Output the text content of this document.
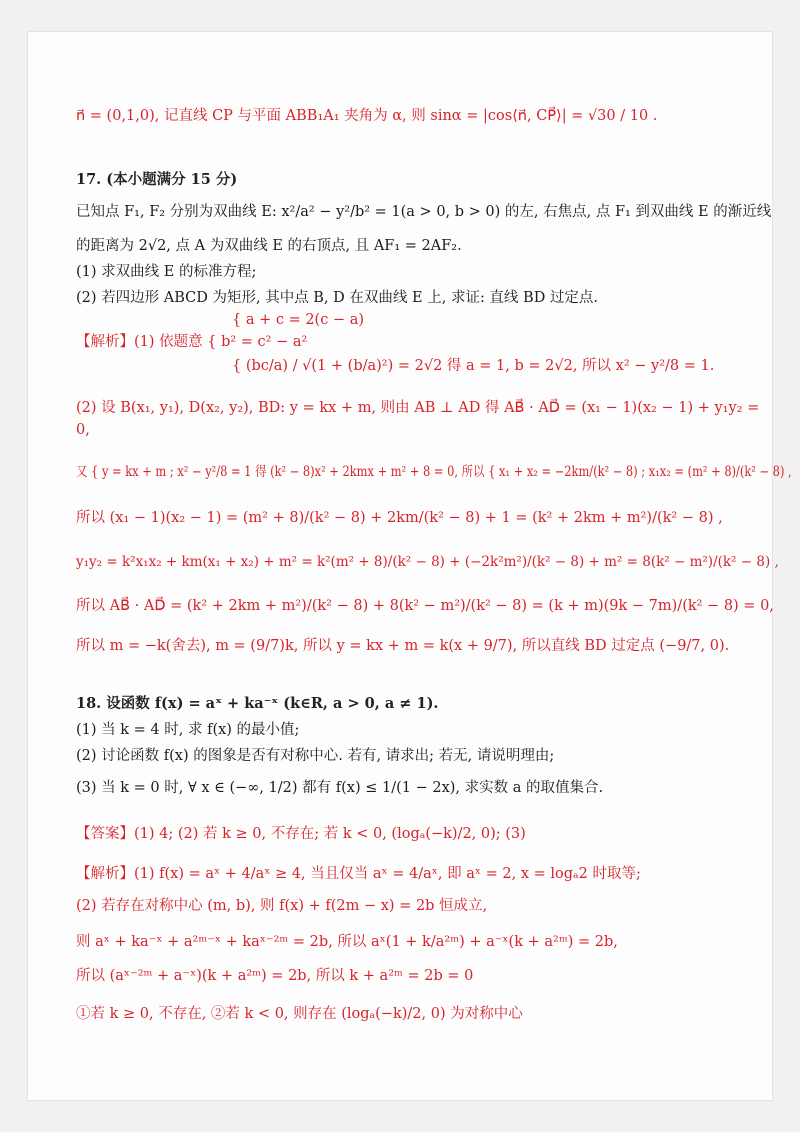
n⃗ = (0,1,0), 记直线 CP 与平面 ABB₁A₁ 夹角为 α, 则 sinα = |cos⟨n⃗, CP⃗⟩| = √30 / 10 .
17. (本小题满分 15 分)
已知点 F₁, F₂ 分别为双曲线 E: x²/a² − y²/b² = 1(a > 0, b > 0) 的左, 右焦点, 点 F₁ 到双曲线 E 的渐近线
的距离为 2√2, 点 A 为双曲线 E 的右顶点, 且 AF₁ = 2AF₂.
(1) 求双曲线 E 的标准方程;
(2) 若四边形 ABCD 为矩形, 其中点 B, D 在双曲线 E 上, 求证: 直线 BD 过定点.
{ a + c = 2(c − a)
【解析】(1) 依题意 { b² = c² − a²
{ (bc/a) / √(1 + (b/a)²) = 2√2 得 a = 1, b = 2√2, 所以 x² − y²/8 = 1.
(2) 设 B(x₁, y₁), D(x₂, y₂), BD: y = kx + m, 则由 AB ⊥ AD 得 AB⃗ · AD⃗ = (x₁ − 1)(x₂ − 1) + y₁y₂ =
0,
又 { y = kx + m ; x² − y²/8 = 1 得 (k² − 8)x² + 2kmx + m² + 8 = 0, 所以 { x₁ + x₂ = −2km/(k² − 8) ; x₁x₂ = (m² + 8)/(k² − 8) ,
所以 (x₁ − 1)(x₂ − 1) = (m² + 8)/(k² − 8) + 2km/(k² − 8) + 1 = (k² + 2km + m²)/(k² − 8) ,
y₁y₂ = k²x₁x₂ + km(x₁ + x₂) + m² = k²(m² + 8)/(k² − 8) + (−2k²m²)/(k² − 8) + m² = 8(k² − m²)/(k² − 8) ,
所以 AB⃗ · AD⃗ = (k² + 2km + m²)/(k² − 8) + 8(k² − m²)/(k² − 8) = (k + m)(9k − 7m)/(k² − 8) = 0,
所以 m = −k(舍去), m = (9/7)k, 所以 y = kx + m = k(x + 9/7), 所以直线 BD 过定点 (−9/7, 0).
18. 设函数 f(x) = aˣ + ka⁻ˣ (k∈R, a > 0, a ≠ 1).
(1) 当 k = 4 时, 求 f(x) 的最小值;
(2) 讨论函数 f(x) 的图象是否有对称中心. 若有, 请求出; 若无, 请说明理由;
(3) 当 k = 0 时, ∀ x ∈ (−∞, 1/2) 都有 f(x) ≤ 1/(1 − 2x), 求实数 a 的取值集合.
【答案】(1) 4; (2) 若 k ≥ 0, 不存在; 若 k < 0, (logₐ(−k)/2, 0); (3)
【解析】(1) f(x) = aˣ + 4/aˣ ≥ 4, 当且仅当 aˣ = 4/aˣ, 即 aˣ = 2, x = logₐ2 时取等;
(2) 若存在对称中心 (m, b), 则 f(x) + f(2m − x) = 2b 恒成立,
则 aˣ + ka⁻ˣ + a²ᵐ⁻ˣ + kaˣ⁻²ᵐ = 2b, 所以 aˣ(1 + k/a²ᵐ) + a⁻ˣ(k + a²ᵐ) = 2b,
所以 (aˣ⁻²ᵐ + a⁻ˣ)(k + a²ᵐ) = 2b, 所以 k + a²ᵐ = 2b = 0
①若 k ≥ 0, 不存在, ②若 k < 0, 则存在 (logₐ(−k)/2, 0) 为对称中心
